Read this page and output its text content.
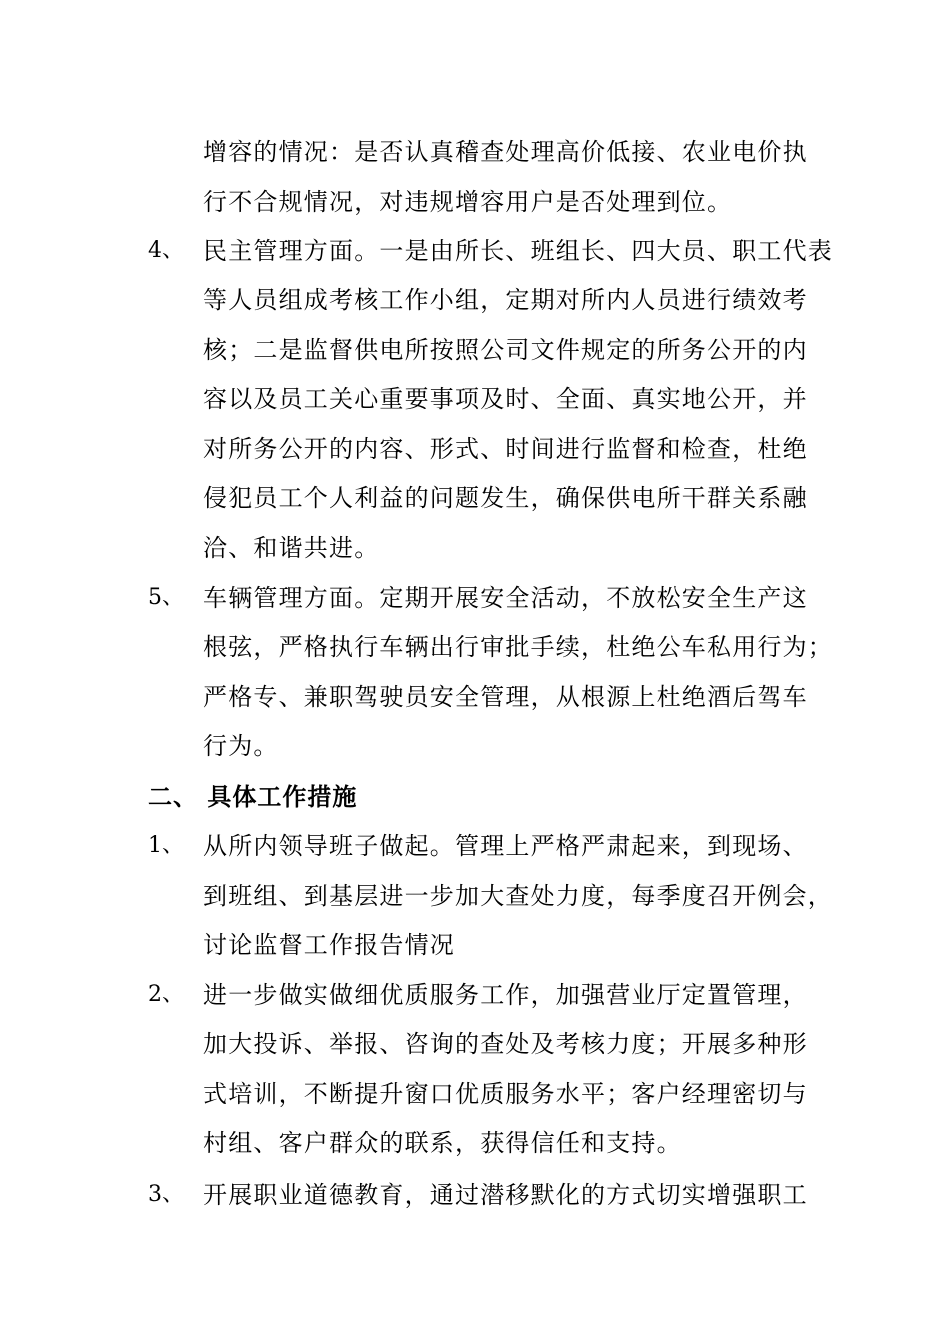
增容的情况：是否认真稽查处理高价低接、农业电价执
行不合规情况，对违规增容用户是否处理到位。
4、 民主管理方面。一是由所长、班组长、四大员、职工代表
等人员组成考核工作小组，定期对所内人员进行绩效考
核；二是监督供电所按照公司文件规定的所务公开的内
容以及员工关心重要事项及时、全面、真实地公开，并
对所务公开的内容、形式、时间进行监督和检查，杜绝
侵犯员工个人利益的问题发生，确保供电所干群关系融
洽、和谐共进。
5、 车辆管理方面。定期开展安全活动，不放松安全生产这
根弦，严格执行车辆出行审批手续，杜绝公车私用行为；
严格专、兼职驾驶员安全管理，从根源上杜绝酒后驾车
行为。
二、 具体工作措施
1、 从所内领导班子做起。管理上严格严肃起来，到现场、
到班组、到基层进一步加大查处力度，每季度召开例会，
讨论监督工作报告情况
2、 进一步做实做细优质服务工作，加强营业厅定置管理，
加大投诉、举报、咨询的查处及考核力度；开展多种形
式培训，不断提升窗口优质服务水平；客户经理密切与
村组、客户群众的联系，获得信任和支持。
3、 开展职业道德教育，通过潜移默化的方式切实增强职工
